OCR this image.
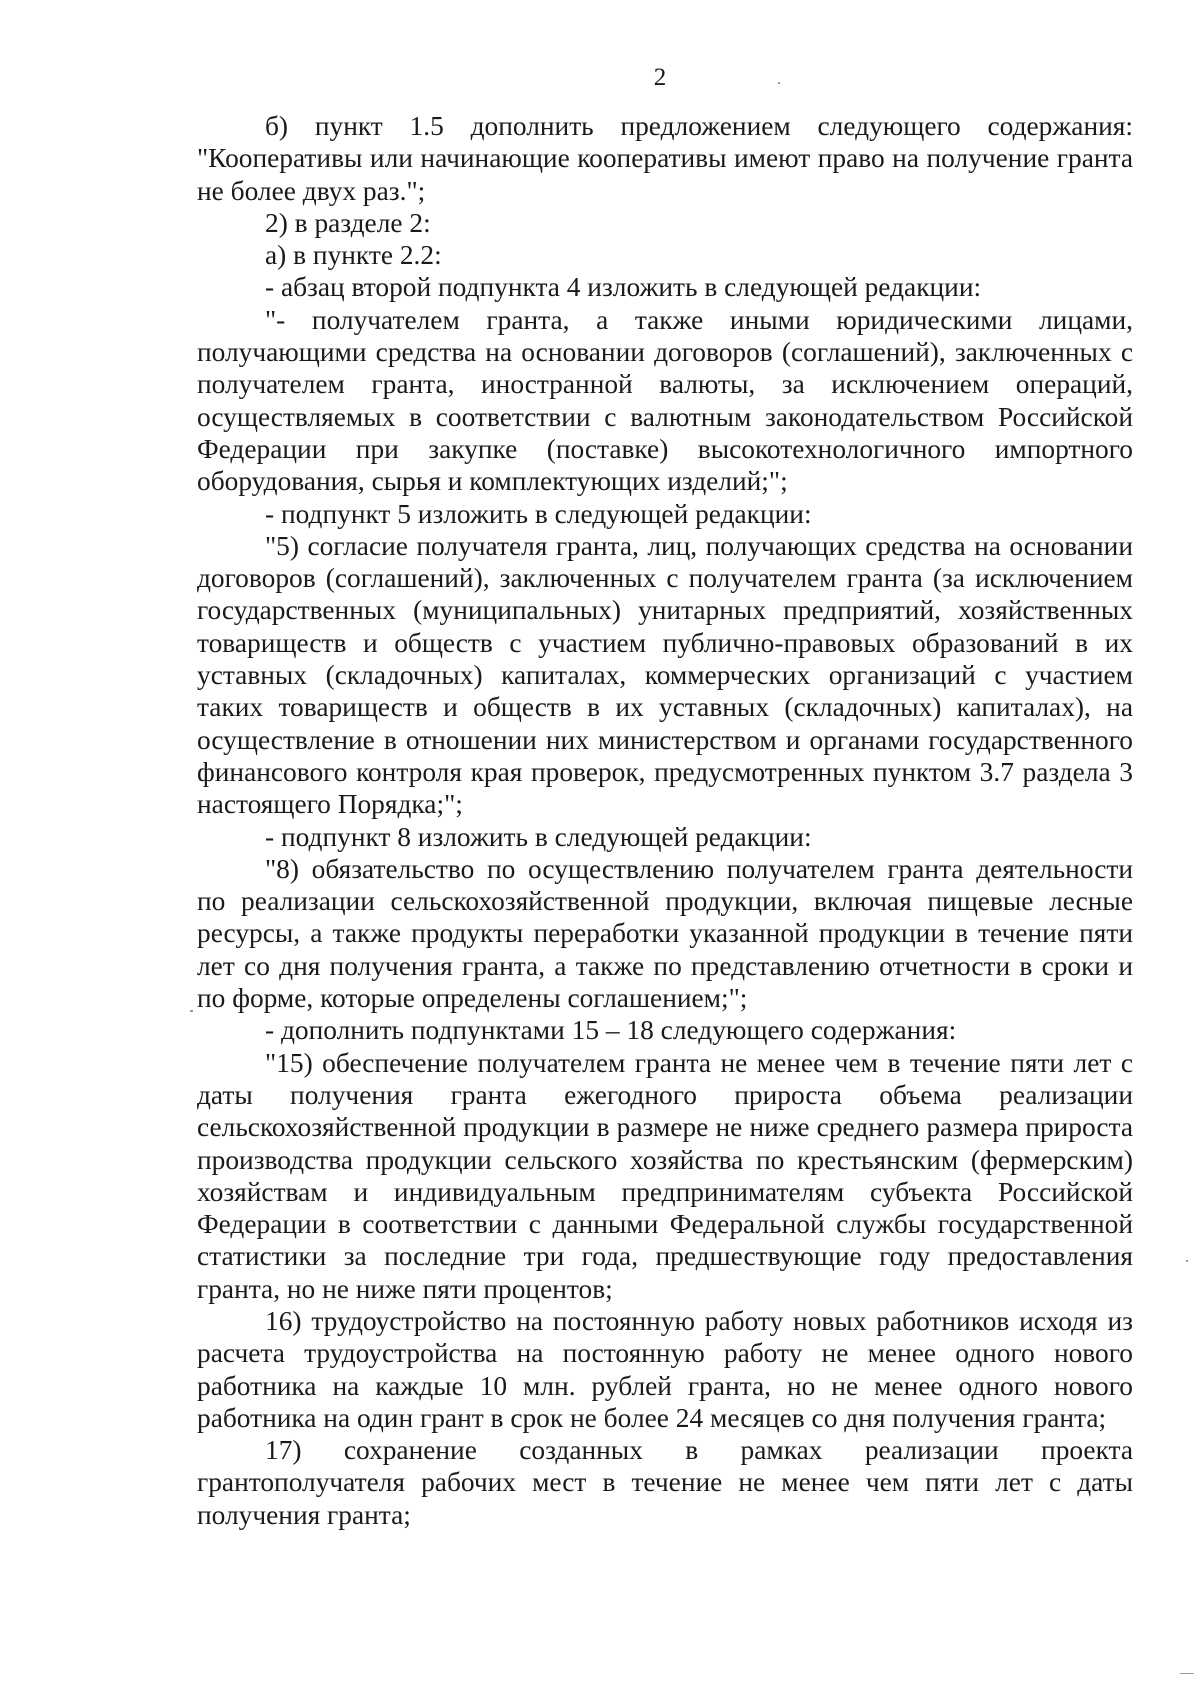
2

б) пункт 1.5 дополнить предложением следующего содержания: "Кооперативы или начинающие кооперативы имеют право на получение гранта не более двух раз.";

2) в разделе 2:

а) в пункте 2.2:

- абзац второй подпункта 4 изложить в следующей редакции:

"- получателем гранта, а также иными юридическими лицами, получающими средства на основании договоров (соглашений), заключенных с получателем гранта, иностранной валюты, за исключением операций, осуществляемых в соответствии с валютным законодательством Российской Федерации при закупке (поставке) высокотехнологичного импортного оборудования, сырья и комплектующих изделий;";

- подпункт 5 изложить в следующей редакции:

"5) согласие получателя гранта, лиц, получающих средства на основании договоров (соглашений), заключенных с получателем гранта (за исключением государственных (муниципальных) унитарных предприятий, хозяйственных товариществ и обществ с участием публично-правовых образований в их уставных (складочных) капиталах, коммерческих организаций с участием таких товариществ и обществ в их уставных (складочных) капиталах), на осуществление в отношении них министерством и органами государственного финансового контроля края проверок, предусмотренных пунктом 3.7 раздела 3 настоящего Порядка;";

- подпункт 8 изложить в следующей редакции:

"8) обязательство по осуществлению получателем гранта деятельности по реализации сельскохозяйственной продукции, включая пищевые лесные ресурсы, а также продукты переработки указанной продукции в течение пяти лет со дня получения гранта, а также по представлению отчетности в сроки и по форме, которые определены соглашением;";

- дополнить подпунктами 15 – 18 следующего содержания:

"15) обеспечение получателем гранта не менее чем в течение пяти лет с даты получения гранта ежегодного прироста объема реализации сельскохозяйственной продукции в размере не ниже среднего размера прироста производства продукции сельского хозяйства по крестьянским (фермерским) хозяйствам и индивидуальным предпринимателям субъекта Российской Федерации в соответствии с данными Федеральной службы государственной статистики за последние три года, предшествующие году предоставления гранта, но не ниже пяти процентов;

16) трудоустройство на постоянную работу новых работников исходя из расчета трудоустройства на постоянную работу не менее одного нового работника на каждые 10 млн. рублей гранта, но не менее одного нового работника на один грант в срок не более 24 месяцев со дня получения гранта;

17) сохранение созданных в рамках реализации проекта грантополучателя рабочих мест в течение не менее чем пяти лет с даты получения гранта;
